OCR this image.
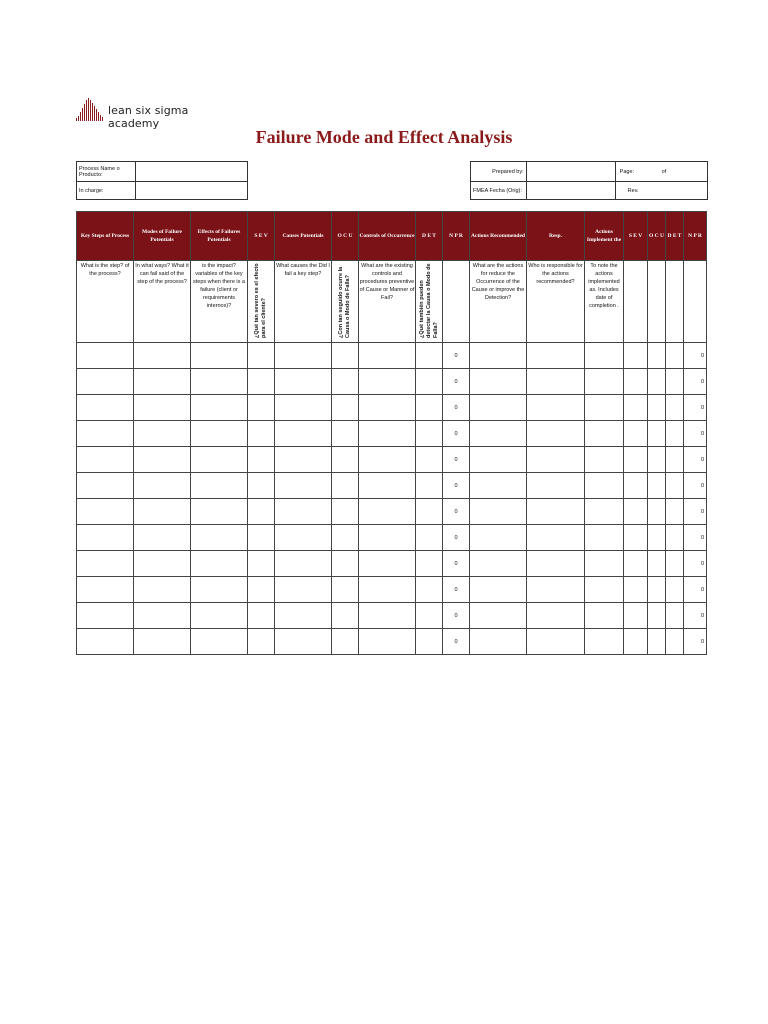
lean six sigma academy
Failure Mode and Effect Analysis
Process Name o Producto:	
In charge:	
Prepared by:		Page: of
FMEA Fecha (Orig):		Rev.
Key Steps of Process	Modes of Failure Potentials	Effects of Failures Potentials	S E V	Causes Potentials	O C U	Controls of Occurrence	D E T	N P R	Actions Recommended	Resp.	Actions Implement the	S E V	O C U	D E T	N P R
What is the step? of the process?	In what ways? What it can fail said of the step of the process?	is the impact? variables of the key steps when there is a failure (client or requirements internos)?	¿Qué tan severo es el efecto para el cliente?	What causes the Did I fail a key step?	¿Con tan seguido ocurre la Causa o Modo de Falla?	What are the existing controls and procedures preventive of Cause or Manner of Fail?	¿Qué también pueden detectar la Causa o Modo de Falla?		What are the actions for reduce the Occurrence of the Cause or improve the Detection?	Who is responsible for the actions recommended?	To note the actions implemented as. Includes date of completion .				
								0							0
								0							0
								0							0
								0							0
								0							0
								0							0
								0							0
								0							0
								0							0
								0							0
								0							0
								0							0
